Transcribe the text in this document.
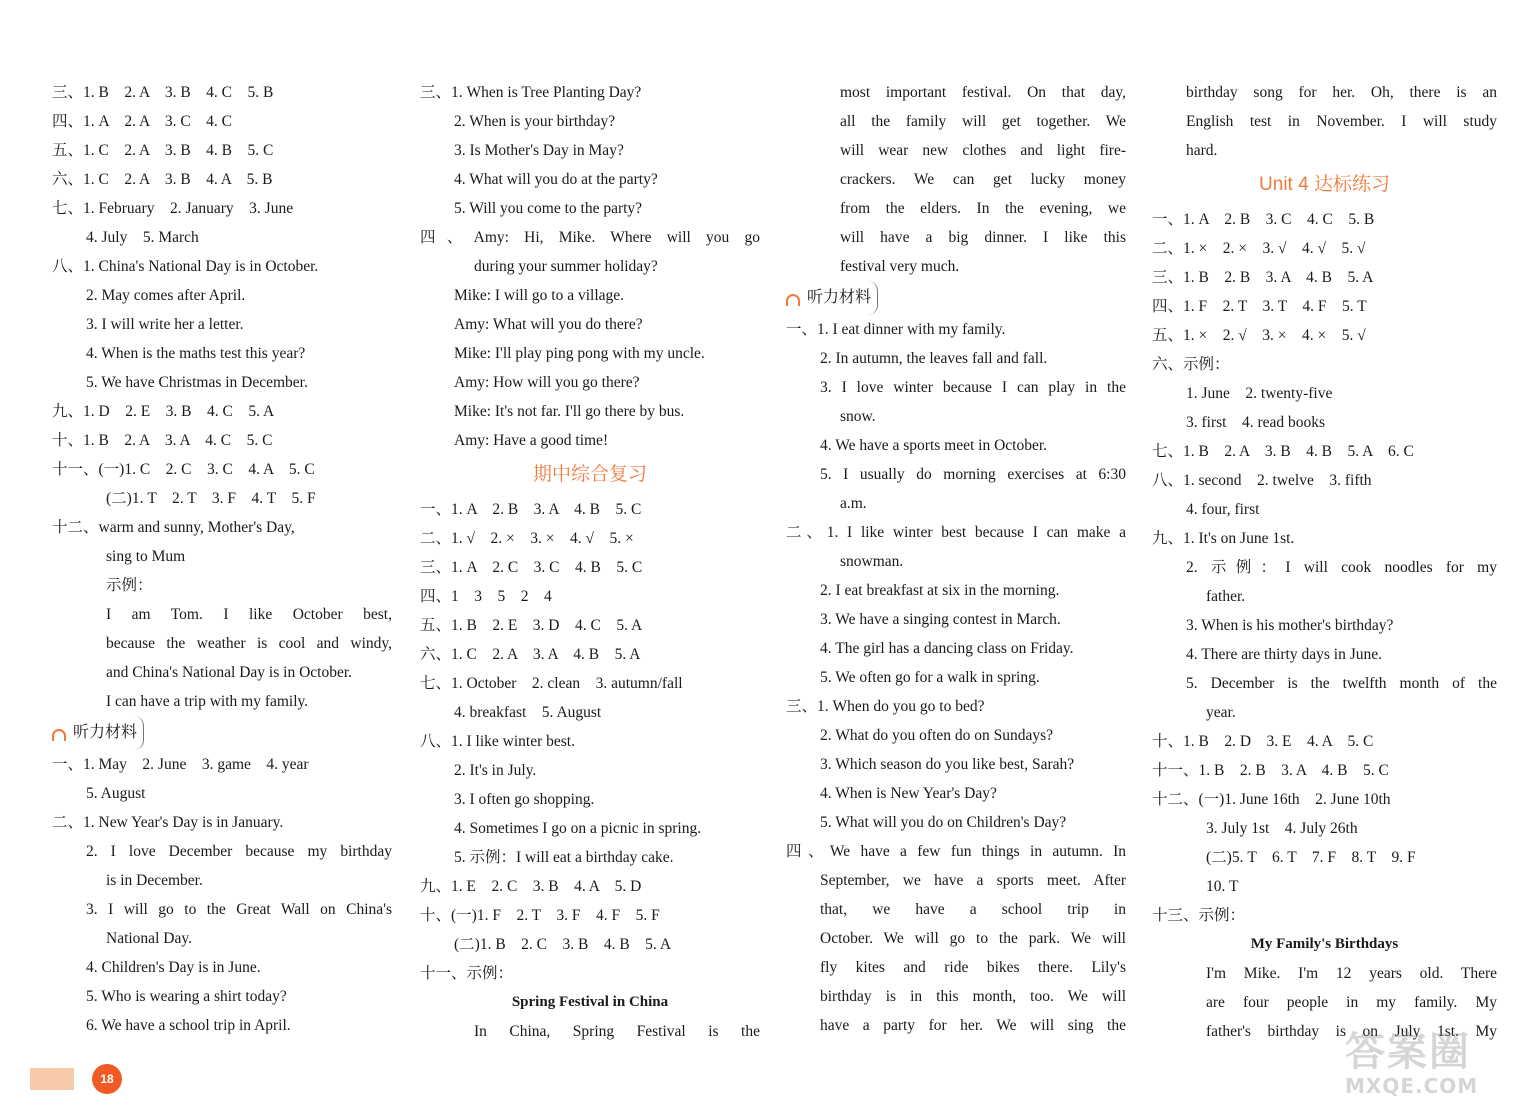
三、1. B　2. A　3. B　4. C　5. B
四、1. A　2. A　3. C　4. C
五、1. C　2. A　3. B　4. B　5. C
六、1. C　2. A　3. B　4. A　5. B
七、1. February　2. January　3. June
4. July　5. March
八、1. China's National Day is in October.
2. May comes after April.
3. I will write her a letter.
4. When is the maths test this year?
5. We have Christmas in December.
九、1. D　2. E　3. B　4. C　5. A
十、1. B　2. A　3. A　4. C　5. C
十一、(一)1. C　2. C　3. C　4. A　5. C
(二)1. T　2. T　3. F　4. T　5. F
十二、warm and sunny, Mother's Day,
sing to Mum
示例：
I am Tom. I like October best,
because the weather is cool and windy,
and China's National Day is in October.
I can have a trip with my family.
听力材料
一、1. May　2. June　3. game　4. year
5. August
二、1. New Year's Day is in January.
2. I love December because my birthday
is in December.
3. I will go to the Great Wall on China's
National Day.
4. Children's Day is in June.
5. Who is wearing a shirt today?
6. We have a school trip in April.
三、1. When is Tree Planting Day?
2. When is your birthday?
3. Is Mother's Day in May?
4. What will you do at the party?
5. Will you come to the party?
四、Amy: Hi, Mike. Where will you go
during your summer holiday?
Mike: I will go to a village.
Amy: What will you do there?
Mike: I'll play ping pong with my uncle.
Amy: How will you go there?
Mike: It's not far. I'll go there by bus.
Amy: Have a good time!
期中综合复习
一、1. A　2. B　3. A　4. B　5. C
二、1. √　2. ×　3. ×　4. √　5. ×
三、1. A　2. C　3. C　4. B　5. C
四、1　3　5　2　4
五、1. B　2. E　3. D　4. C　5. A
六、1. C　2. A　3. A　4. B　5. A
七、1. October　2. clean　3. autumn/fall
4. breakfast　5. August
八、1. I like winter best.
2. It's in July.
3. I often go shopping.
4. Sometimes I go on a picnic in spring.
5. 示例：I will eat a birthday cake.
九、1. E　2. C　3. B　4. A　5. D
十、(一)1. F　2. T　3. F　4. F　5. F
(二)1. B　2. C　3. B　4. B　5. A
十一、示例：
Spring Festival in China
In China, Spring Festival is the
most important festival. On that day,
all the family will get together. We
will wear new clothes and light fire-
crackers. We can get lucky money
from the elders. In the evening, we
will have a big dinner. I like this
festival very much.
听力材料
一、1. I eat dinner with my family.
2. In autumn, the leaves fall and fall.
3. I love winter because I can play in the
snow.
4. We have a sports meet in October.
5. I usually do morning exercises at 6:30
a.m.
二、1. I like winter best because I can make a
snowman.
2. I eat breakfast at six in the morning.
3. We have a singing contest in March.
4. The girl has a dancing class on Friday.
5. We often go for a walk in spring.
三、1. When do you go to bed?
2. What do you often do on Sundays?
3. Which season do you like best, Sarah?
4. When is New Year's Day?
5. What will you do on Children's Day?
四、We have a few fun things in autumn. In
September, we have a sports meet. After
that, we have a school trip in
October. We will go to the park. We will
fly kites and ride bikes there. Lily's
birthday is in this month, too. We will
have a party for her. We will sing the
birthday song for her. Oh, there is an
English test in November. I will study
hard.
Unit 4 达标练习
一、1. A　2. B　3. C　4. C　5. B
二、1. ×　2. ×　3. √　4. √　5. √
三、1. B　2. B　3. A　4. B　5. A
四、1. F　2. T　3. T　4. F　5. T
五、1. ×　2. √　3. ×　4. ×　5. √
六、示例：
1. June　2. twenty-five
3. first　4. read books
七、1. B　2. A　3. B　4. B　5. A　6. C
八、1. second　2. twelve　3. fifth
4. four, first
九、1. It's on June 1st.
2. 示例：I will cook noodles for my
father.
3. When is his mother's birthday?
4. There are thirty days in June.
5. December is the twelfth month of the
year.
十、1. B　2. D　3. E　4. A　5. C
十一、1. B　2. B　3. A　4. B　5. C
十二、(一)1. June 16th　2. June 10th
3. July 1st　4. July 26th
(二)5. T　6. T　7. F　8. T　9. F
10. T
十三、示例：
My Family's Birthdays
I'm Mike. I'm 12 years old. There
are four people in my family. My
father's birthday is on July 1st. My
18
答案圈
MXQE.COM
